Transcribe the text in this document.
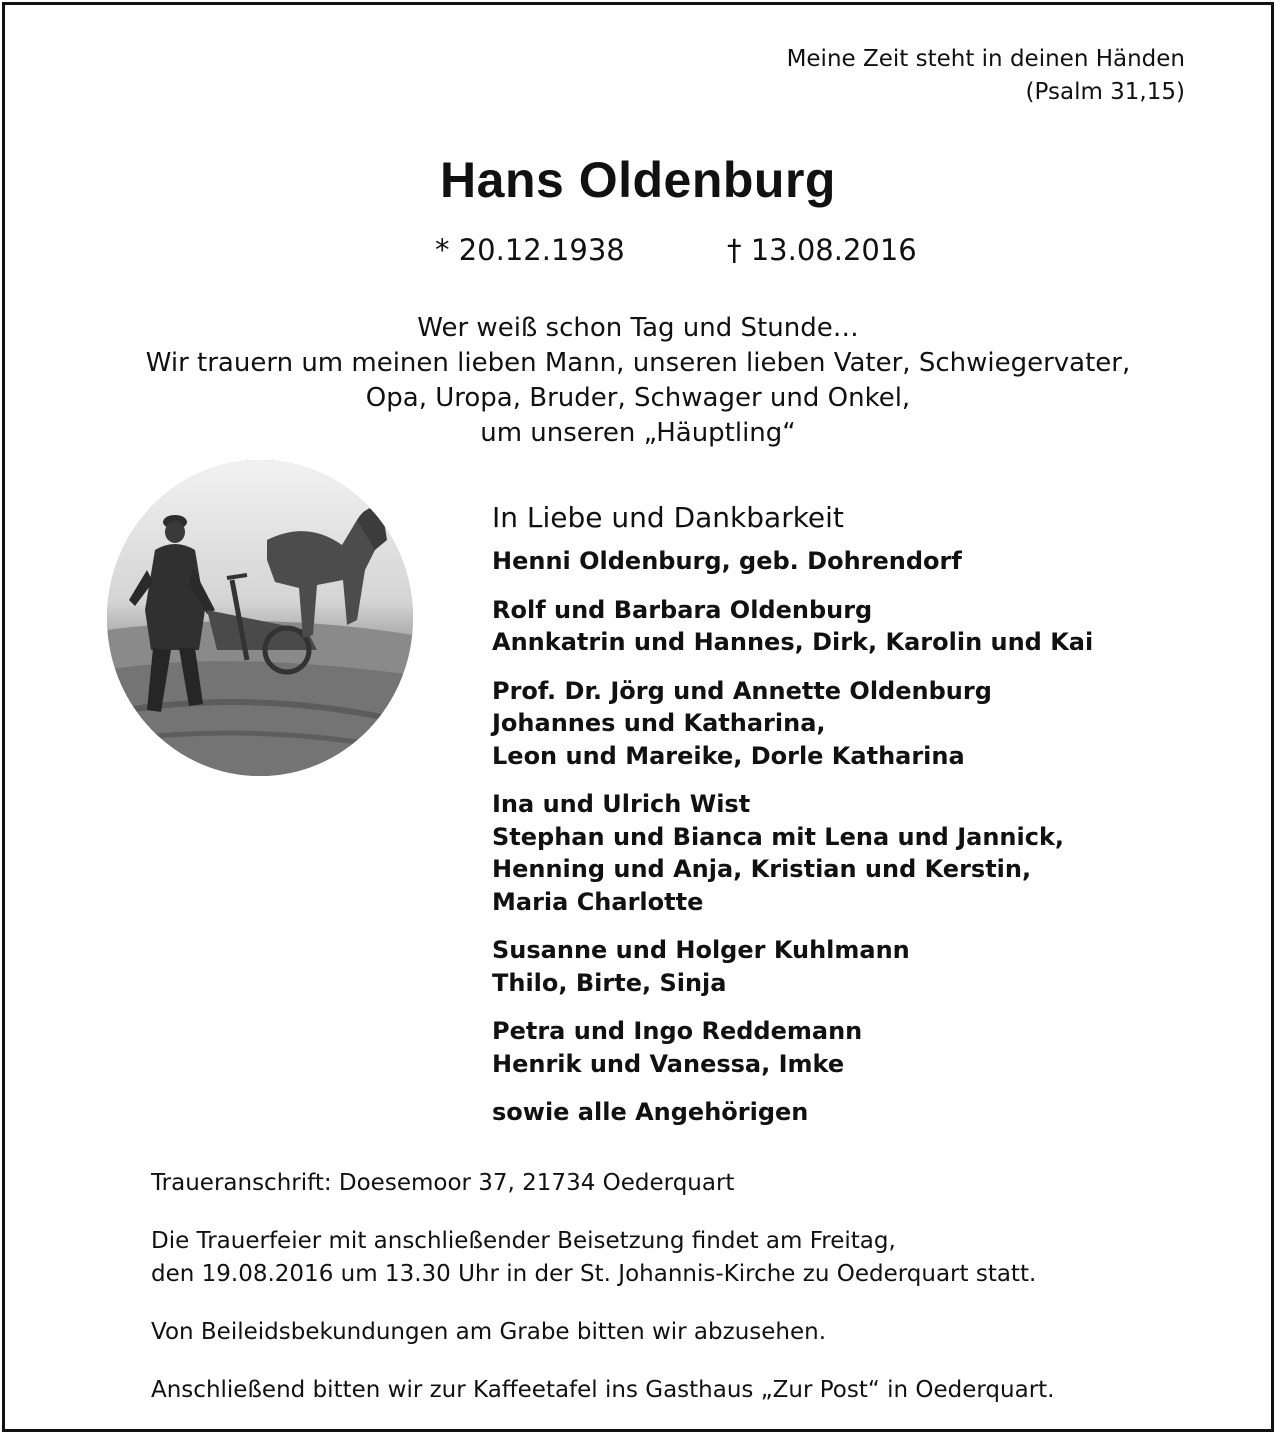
Meine Zeit steht in deinen Händen
(Psalm 31,15)
Hans Oldenburg
* 20.12.1938	† 13.08.2016
Wer weiß schon Tag und Stunde…
Wir trauern um meinen lieben Mann, unseren lieben Vater, Schwiegervater,
Opa, Uropa, Bruder, Schwager und Onkel,
um unseren „Häuptling“
In Liebe und Dankbarkeit
Henni Oldenburg, geb. Dohrendorf
Rolf und Barbara Oldenburg
Annkatrin und Hannes, Dirk, Karolin und Kai
Prof. Dr. Jörg und Annette Oldenburg
Johannes und Katharina,
Leon und Mareike, Dorle Katharina
Ina und Ulrich Wist
Stephan und Bianca mit Lena und Jannick,
Henning und Anja, Kristian und Kerstin,
Maria Charlotte
Susanne und Holger Kuhlmann
Thilo, Birte, Sinja
Petra und Ingo Reddemann
Henrik und Vanessa, Imke
sowie alle Angehörigen

Traueranschrift: Doesemoor 37, 21734 Oederquart

Die Trauerfeier mit anschließender Beisetzung findet am Freitag,
den 19.08.2016 um 13.30 Uhr in der St. Johannis-Kirche zu Oederquart statt.

Von Beileidsbekundungen am Grabe bitten wir abzusehen.

Anschließend bitten wir zur Kaffeetafel ins Gasthaus „Zur Post“ in Oederquart.
